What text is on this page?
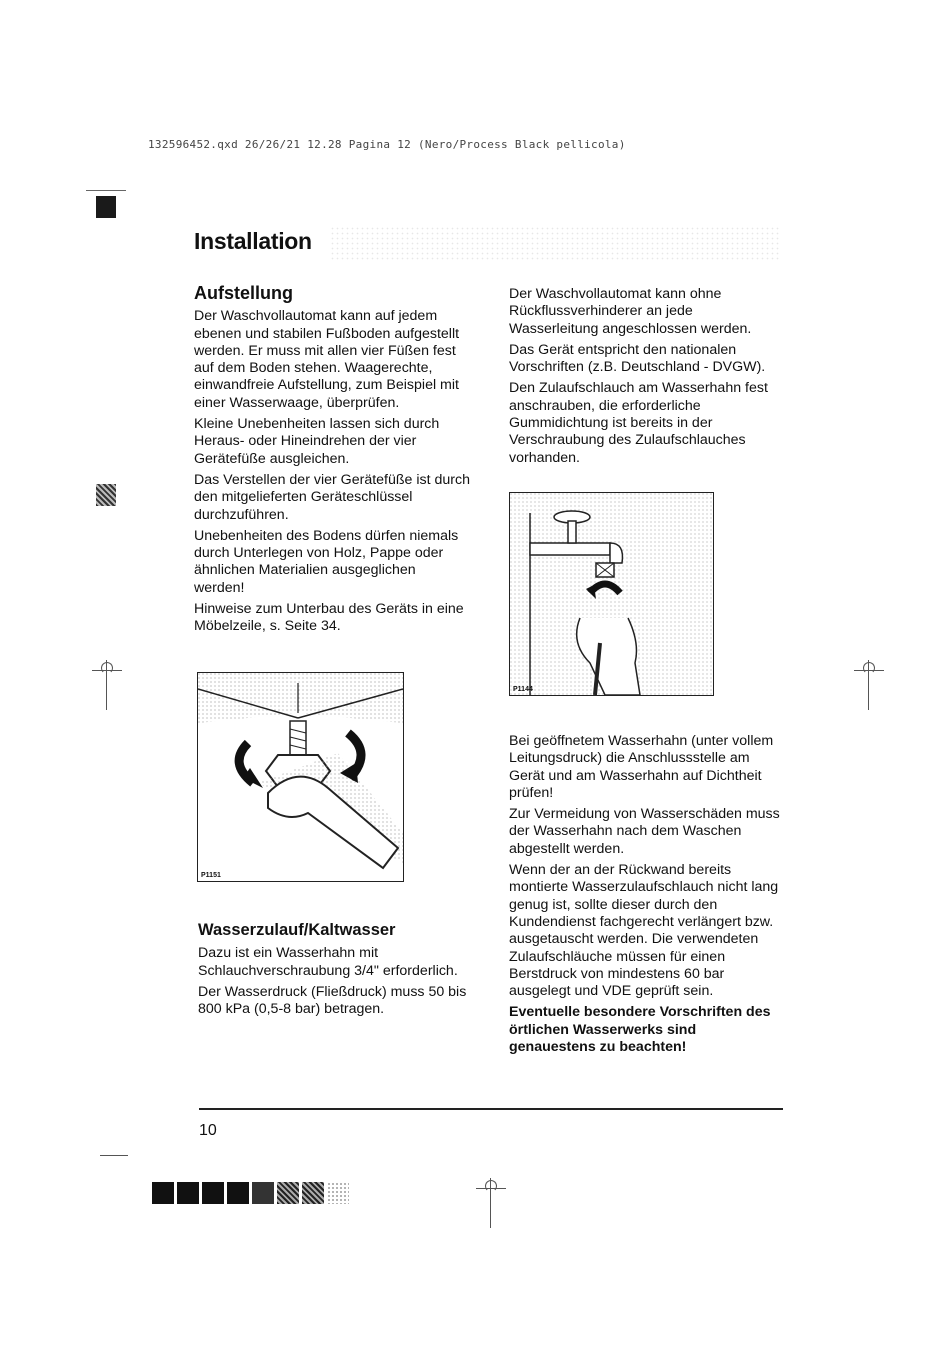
132596452.qxd 26/26/21 12.28 Pagina 12 (Nero/Process Black pellicola)
Installation
Aufstellung

Der Waschvollautomat kann auf jedem ebenen und stabilen Fußboden aufgestellt werden. Er muss mit allen vier Füßen fest auf dem Boden stehen. Waagerechte, einwandfreie Aufstellung, zum Beispiel mit einer Wasserwaage, überprüfen.

Kleine Unebenheiten lassen sich durch Heraus- oder Hineindrehen der vier Gerätefüße ausgleichen.

Das Verstellen der vier Gerätefüße ist durch den mitgelieferten Geräteschlüssel durchzuführen.

Unebenheiten des Bodens dürfen niemals durch Unterlegen von Holz, Pappe oder ähnlichen Materialien ausgeglichen werden!

Hinweise zum Unterbau des Geräts in eine Möbelzeile, s. Seite 34.

P1151
Wasserzulauf/Kaltwasser

Dazu ist ein Wasserhahn mit Schlauchverschraubung 3/4" erforderlich.

Der Wasserdruck (Fließdruck) muss 50 bis 800 kPa (0,5-8 bar) betragen.

Der Waschvollautomat kann ohne Rückflussverhinderer an jede Wasserleitung angeschlossen werden.

Das Gerät entspricht den nationalen Vorschriften (z.B. Deutschland - DVGW).

Den Zulaufschlauch am Wasserhahn fest anschrauben, die erforderliche Gummidichtung ist bereits in der Verschraubung des Zulaufschlauches vorhanden.

P1144

Bei geöffnetem Wasserhahn (unter vollem Leitungsdruck) die Anschlussstelle am Gerät und am Wasserhahn auf Dichtheit prüfen!

Zur Vermeidung von Wasserschäden muss der Wasserhahn nach dem Waschen abgestellt werden.

Wenn der an der Rückwand bereits montierte Wasserzulaufschlauch nicht lang genug ist, sollte dieser durch den Kundendienst fachgerecht verlängert bzw. ausgetauscht werden. Die verwendeten Zulaufschläuche müssen für einen Berstdruck von mindestens 60 bar ausgelegt und VDE geprüft sein.

Eventuelle besondere Vorschriften des örtlichen Wasserwerks sind genauestens zu beachten!

10
